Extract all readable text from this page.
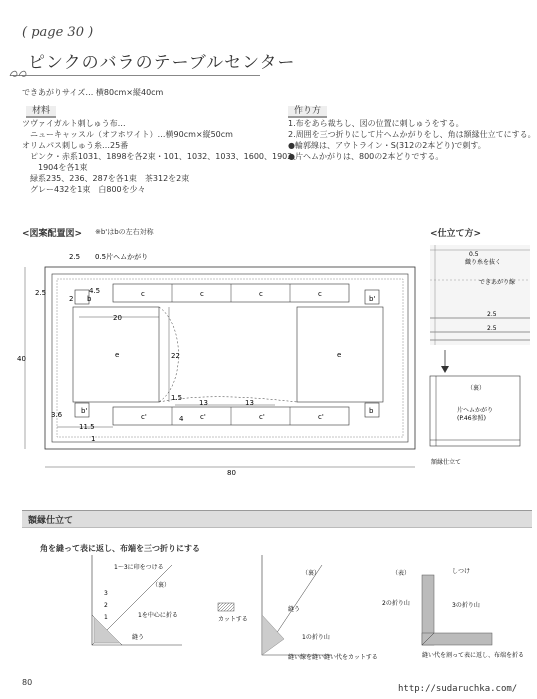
( page 30 )
ピンクのバラのテーブルセンター
できあがりサイズ… 横80cm×縦40cm
材料
ツヴァイガルト刺しゅう布…
　ニューキャッスル（オフホワイト）…横90cm×縦50cm
オリムパス刺しゅう糸…25番
　ピンク・赤系1031、1898を各2束・101、1032、1033、1600、1902、
　　1904を各1束
　緑系235、236、287を各1束　茶312を2束
　グレー432を1束　白800を少々
作り方
1.布をあら裁ちし、図の位置に刺しゅうをする。
2.周囲を三つ折りにして片ヘムかがりをし、角は額縁仕立てにする。
●輪郭線は、アウトライン・S(312の2本どり)で刺す。
●片ヘムかがりは、800の2本どりでする。
<図案配置図> ※b'はbの左右対称
2.5 0.5片ヘムかがり
2.5	4.5
2
20
22
1.5
13	13
3.6	4
11.5
1
40
80
b	b'
b'	b
c	c	c	c
c'	c'	c'	c'
e	e
<仕立て方>
0.5
織り糸を抜く
できあがり線
2.5
2.5
（裏）
片ヘムかがり
(P.46参照)
額縁仕立て
額縁仕立て
角を縫って表に返し、布端を三つ折りにする
1〜3に印をつける
3
2
1	1を中心に折る
縫う
（裏）
（裏）
カットする
縫う
1の折り山
縫い線を縫い縫い代をカットする
（表）	しつけ
2の折り山	3の折り山
縫い代を割って表に返し、布端を折る
80
http://sudaruchka.com/
